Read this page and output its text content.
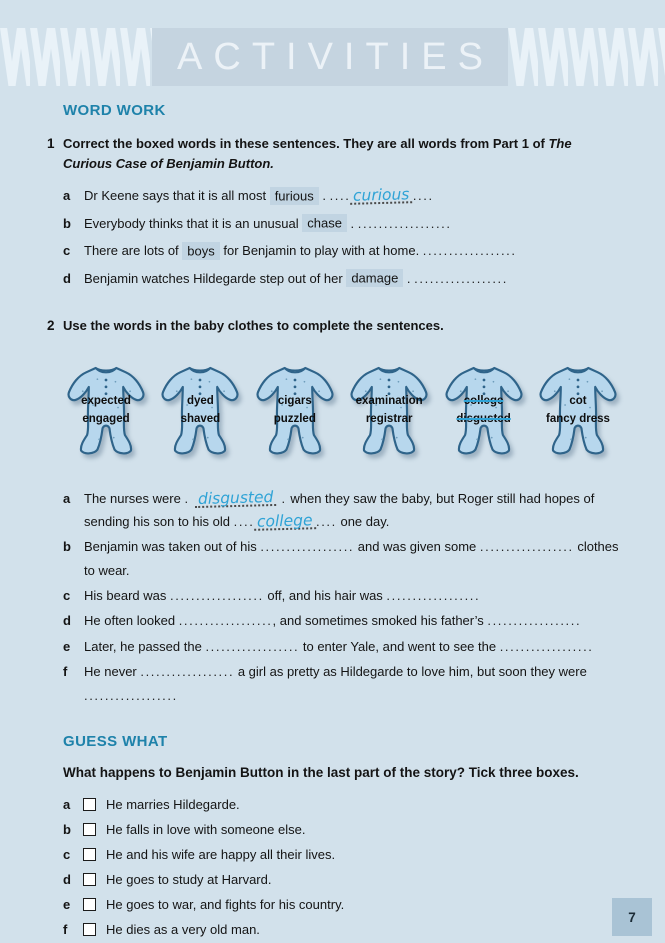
ACTIVITIES
WORD WORK
1 Correct the boxed words in these sentences. They are all words from Part 1 of The Curious Case of Benjamin Button.

a	Dr Keene says that it is all most furious . .... curious ....
b	Everybody thinks that it is an unusual chase . ..................
c	There are lots of boys for Benjamin to play with at home. ..................
d	Benjamin watches Hildegarde step out of her damage . ..................
2 Use the words in the baby clothes to complete the sentences.

expected
engaged
dyed
shaved
cigars
puzzled
examination
registrar
college
disgusted
cot
fancy dress
a	The nurses were . disgusted . when they saw the baby, but Roger still had hopes of sending his son to his old .... college .... one day.
b	Benjamin was taken out of his .................. and was given some .................. clothes to wear.
c	His beard was .................. off, and his hair was ..................
d	He often looked .................., and sometimes smoked his father’s ..................
e	Later, he passed the .................. to enter Yale, and went to see the ..................
f	He never .................. a girl as pretty as Hildegarde to love him, but soon they were ..................
GUESS WHAT

What happens to Benjamin Button in the last part of the story? Tick three boxes.

a	He marries Hildegarde.
b	He falls in love with someone else.
c	He and his wife are happy all their lives.
d	He goes to study at Harvard.
e	He goes to war, and fights for his country.
f	He dies as a very old man.
7
